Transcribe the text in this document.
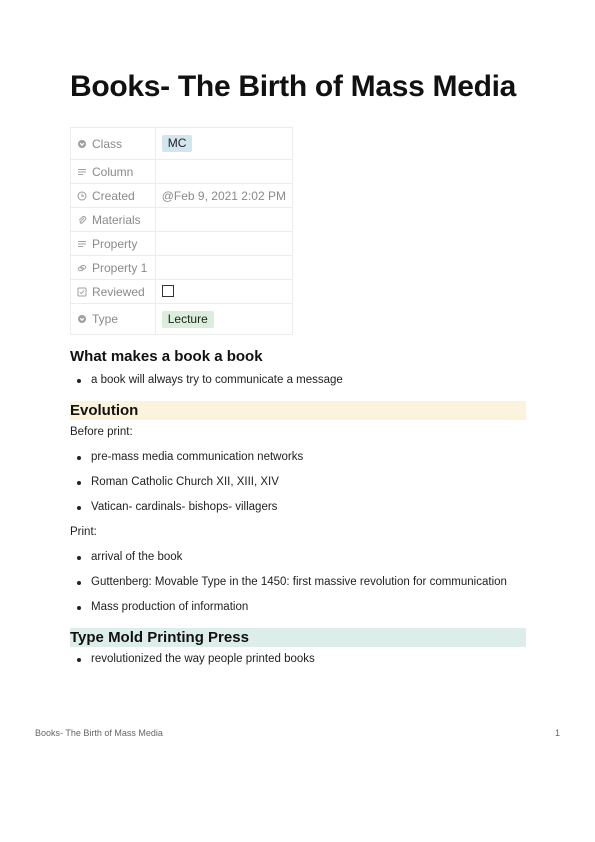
Books- The Birth of Mass Media
Class	MC
Column	
Created	@Feb 9, 2021 2:02 PM
Materials	
Property	
Property 1	
Reviewed	
Type	Lecture
What makes a book a book
a book will always try to communicate a message
Evolution

Before print:

pre-mass media communication networks
Roman Catholic Church XII, XIII, XIV
Vatican- cardinals- bishops- villagers

Print:

arrival of the book
Guttenberg: Movable Type in the 1450: first massive revolution for communication
Mass production of information
Type Mold Printing Press
revolutionized the way people printed books
Books- The Birth of Mass Media	1
